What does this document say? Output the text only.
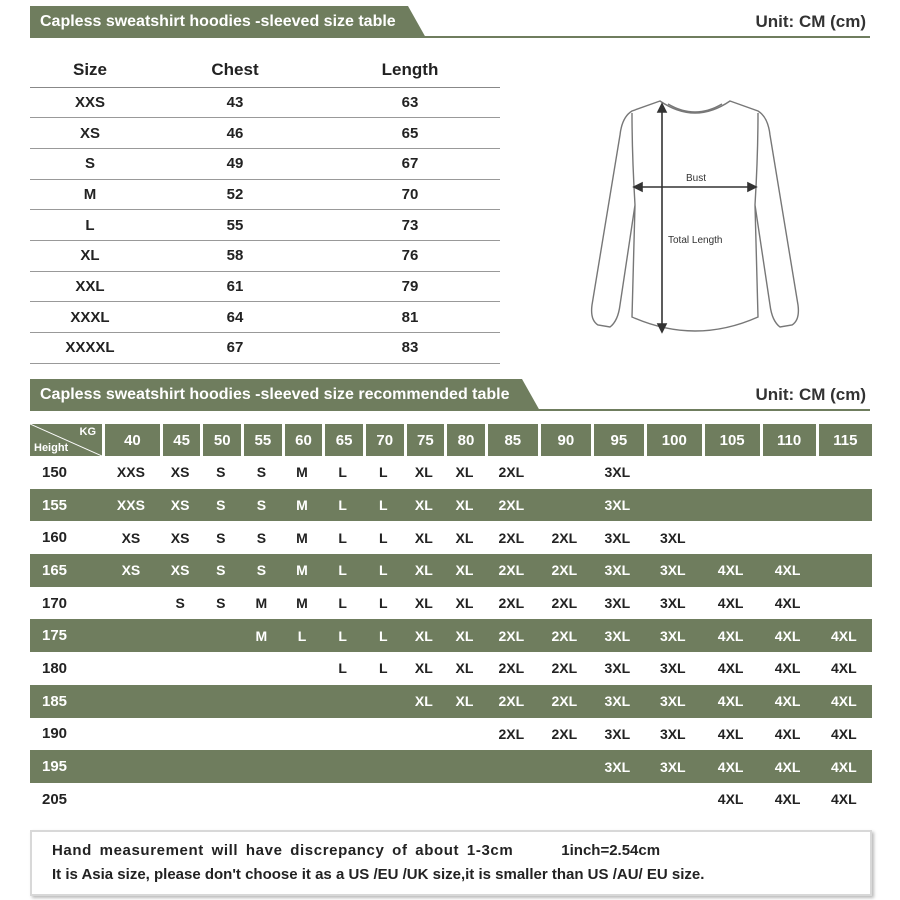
Capless sweatshirt hoodies -sleeved size table	Unit: CM (cm)
Size	Chest	Length
XXS	43	63
XS	46	65
S	49	67
M	52	70
L	55	73
XL	58	76
XXL	61	79
XXXL	64	81
XXXXL	67	83
Bust
Total Length
Capless sweatshirt hoodies -sleeved size recommended table	Unit: CM (cm)
KG
Height	40	45	50	55	60	65	70	75	80	85	90	95	100	105	110	115
150	XXS	XS	S	S	M	L	L	XL	XL	2XL		3XL				
155	XXS	XS	S	S	M	L	L	XL	XL	2XL		3XL				
160	XS	XS	S	S	M	L	L	XL	XL	2XL	2XL	3XL	3XL			
165	XS	XS	S	S	M	L	L	XL	XL	2XL	2XL	3XL	3XL	4XL	4XL	
170		S	S	M	M	L	L	XL	XL	2XL	2XL	3XL	3XL	4XL	4XL	
175				M	L	L	L	XL	XL	2XL	2XL	3XL	3XL	4XL	4XL	4XL
180						L	L	XL	XL	2XL	2XL	3XL	3XL	4XL	4XL	4XL
185								XL	XL	2XL	2XL	3XL	3XL	4XL	4XL	4XL
190										2XL	2XL	3XL	3XL	4XL	4XL	4XL
195												3XL	3XL	4XL	4XL	4XL
205														4XL	4XL	4XL
Hand measurement will have discrepancy of about 1-3cm	1inch=2.54cm
It is Asia size, please don't choose it as a US /EU /UK size,it is smaller than US /AU/ EU size.
